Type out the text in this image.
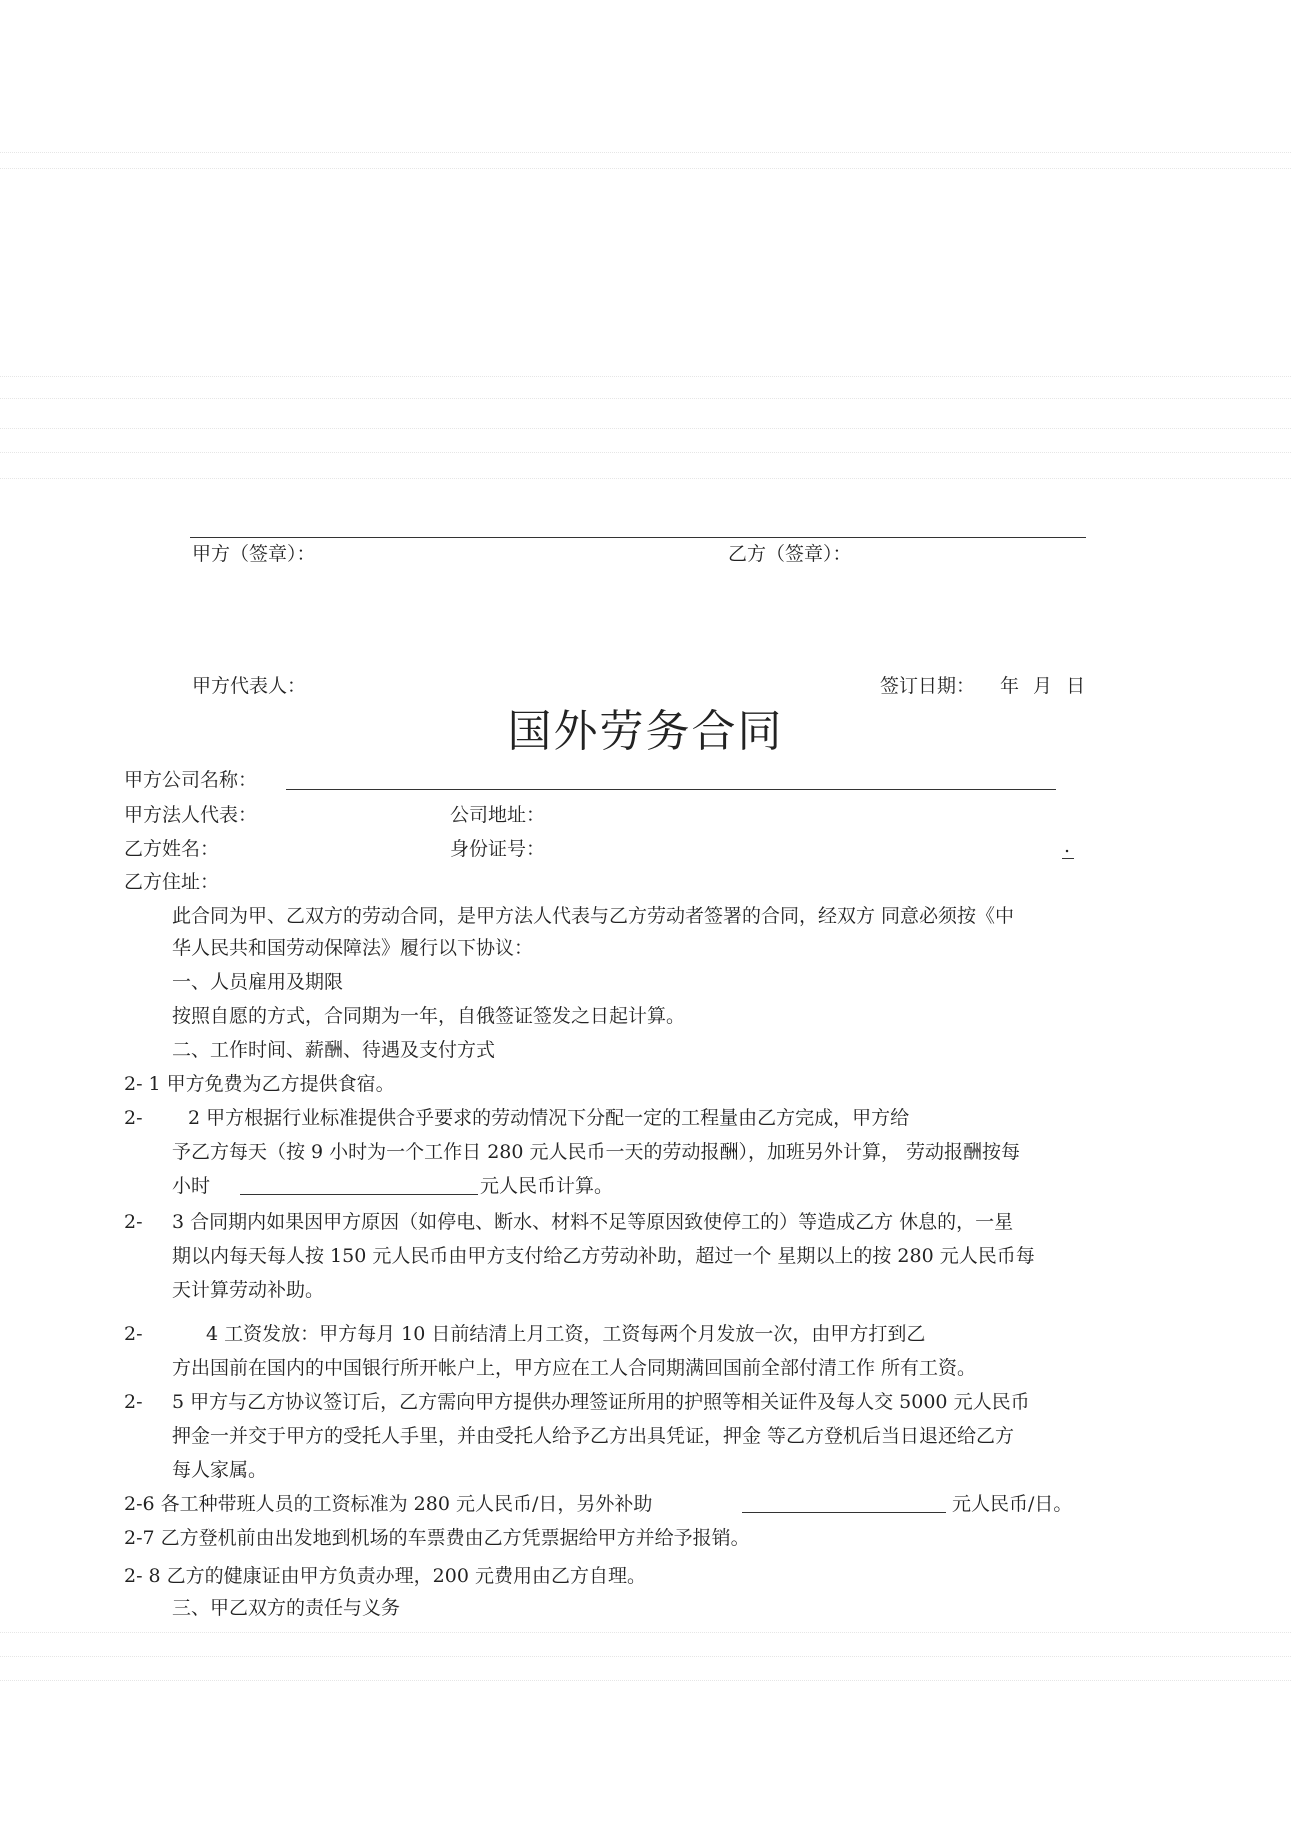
甲方（签章）：	乙方（签章）：
甲方代表人：	签订日期： 年 月 日
国外劳务合同
甲方公司名称：
甲方法人代表：	公司地址：
乙方姓名：	身份证号：	.
乙方住址：
此合同为甲、乙双方的劳动合同，是甲方法人代表与乙方劳动者签署的合同，经双方 同意必须按《中
华人民共和国劳动保障法》履行以下协议：
一、人员雇用及期限
按照自愿的方式，合同期为一年，自俄签证签发之日起计算。
二、工作时间、薪酬、待遇及支付方式
2- 1 甲方免费为乙方提供食宿。
2- 2 甲方根据行业标准提供合乎要求的劳动情况下分配一定的工程量由乙方完成，甲方给
予乙方每天（按 9 小时为一个工作日 280 元人民币一天的劳动报酬），加班另外计算， 劳动报酬按每
小时	元人民币计算。
2- 3 合同期内如果因甲方原因（如停电、断水、材料不足等原因致使停工的）等造成乙方 休息的，一星
期以内每天每人按 150 元人民币由甲方支付给乙方劳动补助，超过一个 星期以上的按 280 元人民币每
天计算劳动补助。
2-	4 工资发放：甲方每月 10 日前结清上月工资，工资每两个月发放一次，由甲方打到乙
方出国前在国内的中国银行所开帐户上，甲方应在工人合同期满回国前全部付清工作 所有工资。
2- 5 甲方与乙方协议签订后，乙方需向甲方提供办理签证所用的护照等相关证件及每人交 5000 元人民币
押金一并交于甲方的受托人手里，并由受托人给予乙方出具凭证，押金 等乙方登机后当日退还给乙方
每人家属。
2-6 各工种带班人员的工资标准为 280 元人民币/日，另外补助	元人民币/日。
2-7 乙方登机前由出发地到机场的车票费由乙方凭票据给甲方并给予报销。
2- 8 乙方的健康证由甲方负责办理，200 元费用由乙方自理。
三、甲乙双方的责任与义务
